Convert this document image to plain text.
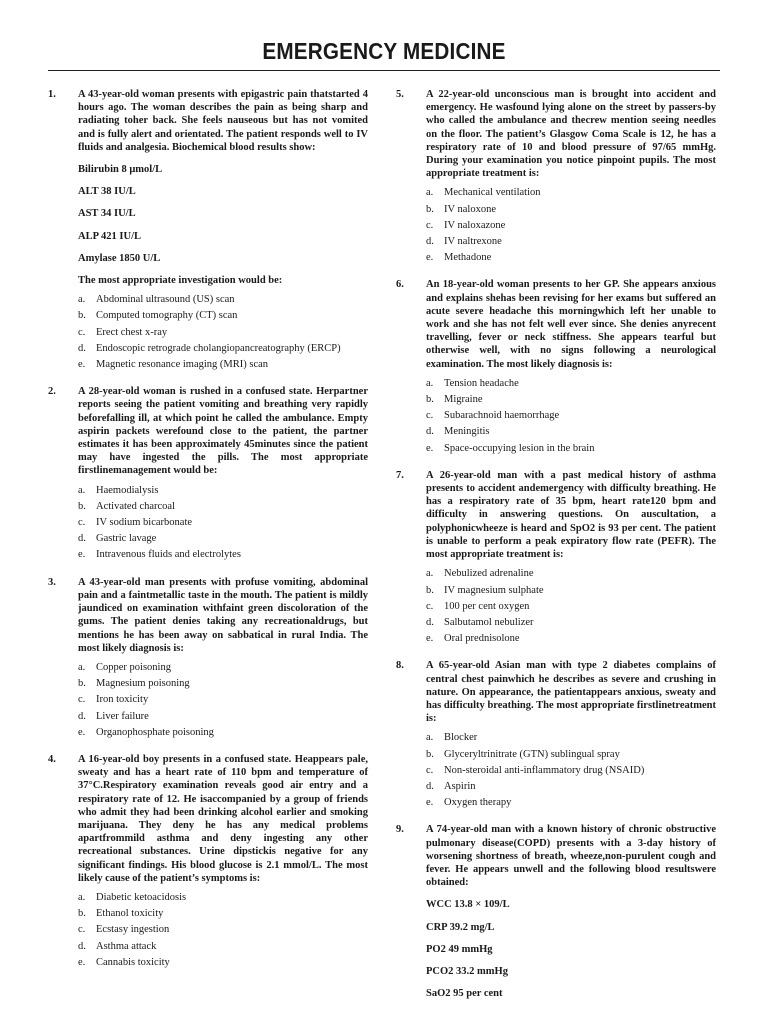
EMERGENCY MEDICINE
1.	A 43-year-old woman presents with epigastric pain thatstarted 4 hours ago. The woman describes the pain as being sharp and radiating toher back. She feels nauseous but has not vomited and is fully alert and orientated. The patient responds well to IV fluids and analgesia. Biochemical blood results show:

Bilirubin 8 μmol/L

ALT 38 IU/L

AST 34 IU/L

ALP 421 IU/L

Amylase 1850 U/L

The most appropriate investigation would be:

a.	Abdominal ultrasound (US) scan
b. Computed tomography (CT) scan
c.	Erect chest x-ray
d. Endoscopic retrograde cholangiopancreatography (ERCP)
e.	Magnetic resonance imaging (MRI) scan
2.	A 28-year-old woman is rushed in a confused state. Herpartner reports seeing the patient vomiting and breathing very rapidly beforefalling ill, at which point he called the ambulance. Empty aspirin packets werefound close to the patient, the partner estimates it has been approximately 45minutes since the patient may have ingested the pills. The most appropriate firstlinemanagement would be:

a.	Haemodialysis
b. Activated charcoal
c.	IV sodium bicarbonate
d. Gastric lavage
e.	Intravenous fluids and electrolytes
3.	A 43-year-old man presents with profuse vomiting, abdominal pain and a faintmetallic taste in the mouth. The patient is mildly jaundiced on examination withfaint green discoloration of the gums. The patient denies taking any recreationaldrugs, but mentions he has been away on sabbatical in rural India. The most likely diagnosis is:

a.	Copper poisoning
b. Magnesium poisoning
c.	Iron toxicity
d. Liver failure
e.	Organophosphate poisoning
4.	A 16-year-old boy presents in a confused state. Heappears pale, sweaty and has a heart rate of 110 bpm and temperature of 37°C.Respiratory examination reveals good air entry and a respiratory rate of 12. He isaccompanied by a group of friends who admit they had been drinking alcohol earlier and smoking marijuana. They deny he has any medical problems apartfrommild asthma and deny ingesting any other recreational substances. Urine dipstickis negative for any significant findings. His blood glucose is 2.1 mmol/L. The most likely cause of the patient’s symptoms is:

a.	Diabetic ketoacidosis
b. Ethanol toxicity
c.	Ecstasy ingestion
d. Asthma attack
e.	Cannabis toxicity
5.	A 22-year-old unconscious man is brought into accident and emergency. He wasfound lying alone on the street by passers-by who called the ambulance and thecrew mention seeing needles on the floor. The patient’s Glasgow Coma Scale is 12, he has a respiratory rate of 10 and blood pressure of 97/65 mmHg. During your examination you notice pinpoint pupils. The most appropriate treatment is:

a.	Mechanical ventilation
b. IV naloxone
c.	IV naloxazone
d. IV naltrexone
e.	Methadone
6.	An 18-year-old woman presents to her GP. She appears anxious and explains shehas been revising for her exams but suffered an acute severe headache this morningwhich left her unable to work and she has not felt well ever since. She denies anyrecent travelling, fever or neck stiffness. She appears tearful but otherwise well, with no signs following a neurological examination. The most likely diagnosis is:

a.	Tension headache
b. Migraine
c.	Subarachnoid haemorrhage
d. Meningitis
e.	Space-occupying lesion in the brain
7.	A 26-year-old man with a past medical history of asthma presents to accident andemergency with difficulty breathing. He has a respiratory rate of 35 bpm, heart rate120 bpm and difficulty in answering questions. On auscultation, a polyphonicwheeze is heard and SpO2 is 93 per cent. The patient is unable to perform a peak expiratory flow rate (PEFR). The most appropriate treatment is:

a.	Nebulized adrenaline
b. IV magnesium sulphate
c.	100 per cent oxygen
d. Salbutamol nebulizer
e.	Oral prednisolone
8.	A 65-year-old Asian man with type 2 diabetes complains of central chest painwhich he describes as severe and crushing in nature. On appearance, the patientappears anxious, sweaty and has difficulty breathing. The most appropriate firstlinetreatment is:

a.	Blocker
b. Glyceryltrinitrate (GTN) sublingual spray
c.	Non-steroidal anti-inflammatory drug (NSAID)
d. Aspirin
e.	Oxygen therapy
9.	A 74-year-old man with a known history of chronic obstructive pulmonary disease(COPD) presents with a 3-day history of worsening shortness of breath, wheeze,non-purulent cough and fever. He appears unwell and the following blood resultswere obtained:

WCC 13.8 × 109/L

CRP 39.2 mg/L

PO2 49 mmHg

PCO2 33.2 mmHg

SaO2 95 per cent
